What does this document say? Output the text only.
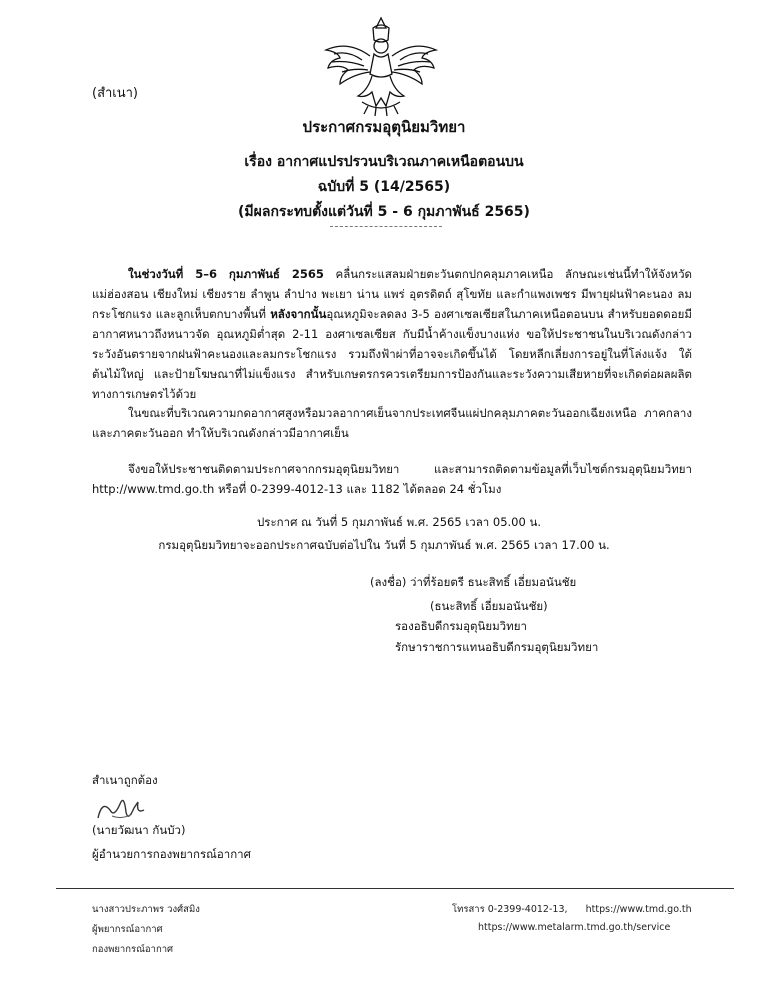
(สำเนา)
ประกาศกรมอุตุนิยมวิทยา
เรื่อง อากาศแปรปรวนบริเวณภาคเหนือตอนบน
ฉบับที่ 5 (14/2565)
(มีผลกระทบตั้งแต่วันที่ 5 - 6 กุมภาพันธ์ 2565)
ในช่วงวันที่ 5–6 กุมภาพันธ์ 2565 คลื่นกระแสลมฝ่ายตะวันตกปกคลุมภาคเหนือ ลักษณะเช่นนี้ทำให้จังหวัดแม่ฮ่องสอน เชียงใหม่ เชียงราย ลำพูน ลำปาง พะเยา น่าน แพร่ อุตรดิตถ์ สุโขทัย และกำแพงเพชร มีพายุฝนฟ้าคะนอง ลมกระโชกแรง และลูกเห็บตกบางพื้นที่ หลังจากนั้นอุณหภูมิจะลดลง 3-5 องศาเซลเซียสในภาคเหนือตอนบน สำหรับยอดดอยมีอากาศหนาวถึงหนาวจัด อุณหภูมิต่ำสุด 2-11 องศาเซลเซียส กับมีน้ำค้างแข็งบางแห่ง ขอให้ประชาชนในบริเวณดังกล่าวระวังอันตรายจากฝนฟ้าคะนองและลมกระโชกแรง รวมถึงฟ้าผ่าที่อาจจะเกิดขึ้นได้ โดยหลีกเลี่ยงการอยู่ในที่โล่งแจ้ง ใต้ต้นไม้ใหญ่ และป้ายโฆษณาที่ไม่แข็งแรง สำหรับเกษตรกรควรเตรียมการป้องกันและระวังความเสียหายที่จะเกิดต่อผลผลิตทางการเกษตรไว้ด้วย
ในขณะที่บริเวณความกดอากาศสูงหรือมวลอากาศเย็นจากประเทศจีนแผ่ปกคลุมภาคตะวันออกเฉียงเหนือ ภาคกลาง และภาคตะวันออก ทำให้บริเวณดังกล่าวมีอากาศเย็น
จึงขอให้ประชาชนติดตามประกาศจากกรมอุตุนิยมวิทยา และสามารถติดตามข้อมูลที่เว็บไซต์กรมอุตุนิยมวิทยา http://www.tmd.go.th หรือที่ 0-2399-4012-13 และ 1182 ได้ตลอด 24 ชั่วโมง
ประกาศ ณ วันที่ 5 กุมภาพันธ์ พ.ศ. 2565 เวลา 05.00 น.
กรมอุตุนิยมวิทยาจะออกประกาศฉบับต่อไปใน วันที่ 5 กุมภาพันธ์ พ.ศ. 2565 เวลา 17.00 น.
(ลงชื่อ) ว่าที่ร้อยตรี ธนะสิทธิ์ เอี่ยมอนันชัย
(ธนะสิทธิ์ เอี่ยมอนันชัย)
รองอธิบดีกรมอุตุนิยมวิทยา
รักษาราชการแทนอธิบดีกรมอุตุนิยมวิทยา
สำเนาถูกต้อง
(นายวัฒนา กันบัว)
ผู้อำนวยการกองพยากรณ์อากาศ
นางสาวประภาพร วงศ์สมิง
ผู้พยากรณ์อากาศ
กองพยากรณ์อากาศ
โทรสาร 0-2399-4012-13,      https://www.tmd.go.th
https://www.metalarm.tmd.go.th/service
